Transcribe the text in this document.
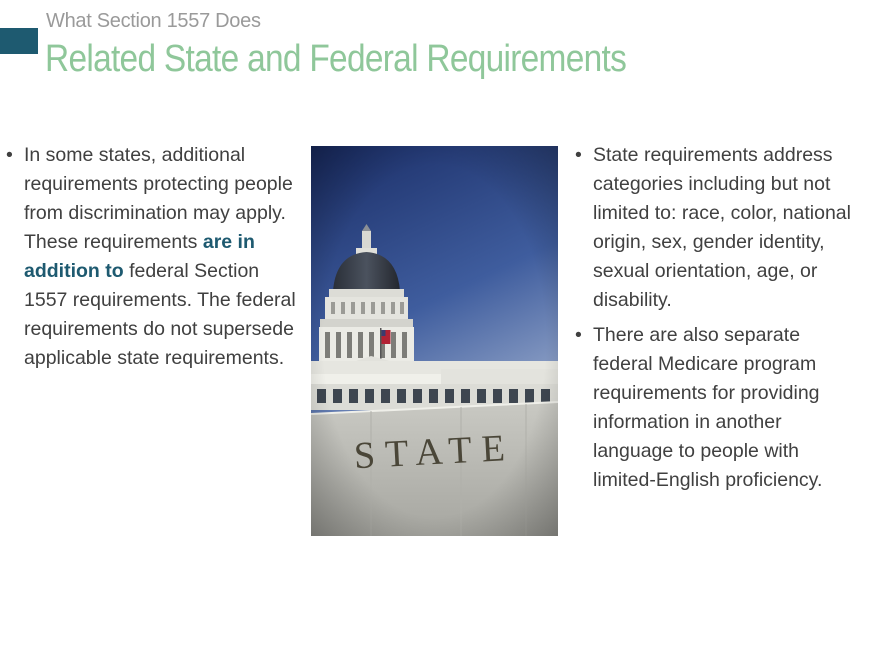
What Section 1557 Does
Related State and Federal Requirements
• In some states, additional requirements protecting people from discrimination may apply. These requirements are in addition to federal Section 1557 requirements. The federal requirements do not supersede applicable state requirements.
• State requirements address categories including but not limited to: race, color, national origin, sex, gender identity, sexual orientation, age, or disability.
• There are also separate federal Medicare program requirements for providing information in another language to people with limited-English proficiency.
